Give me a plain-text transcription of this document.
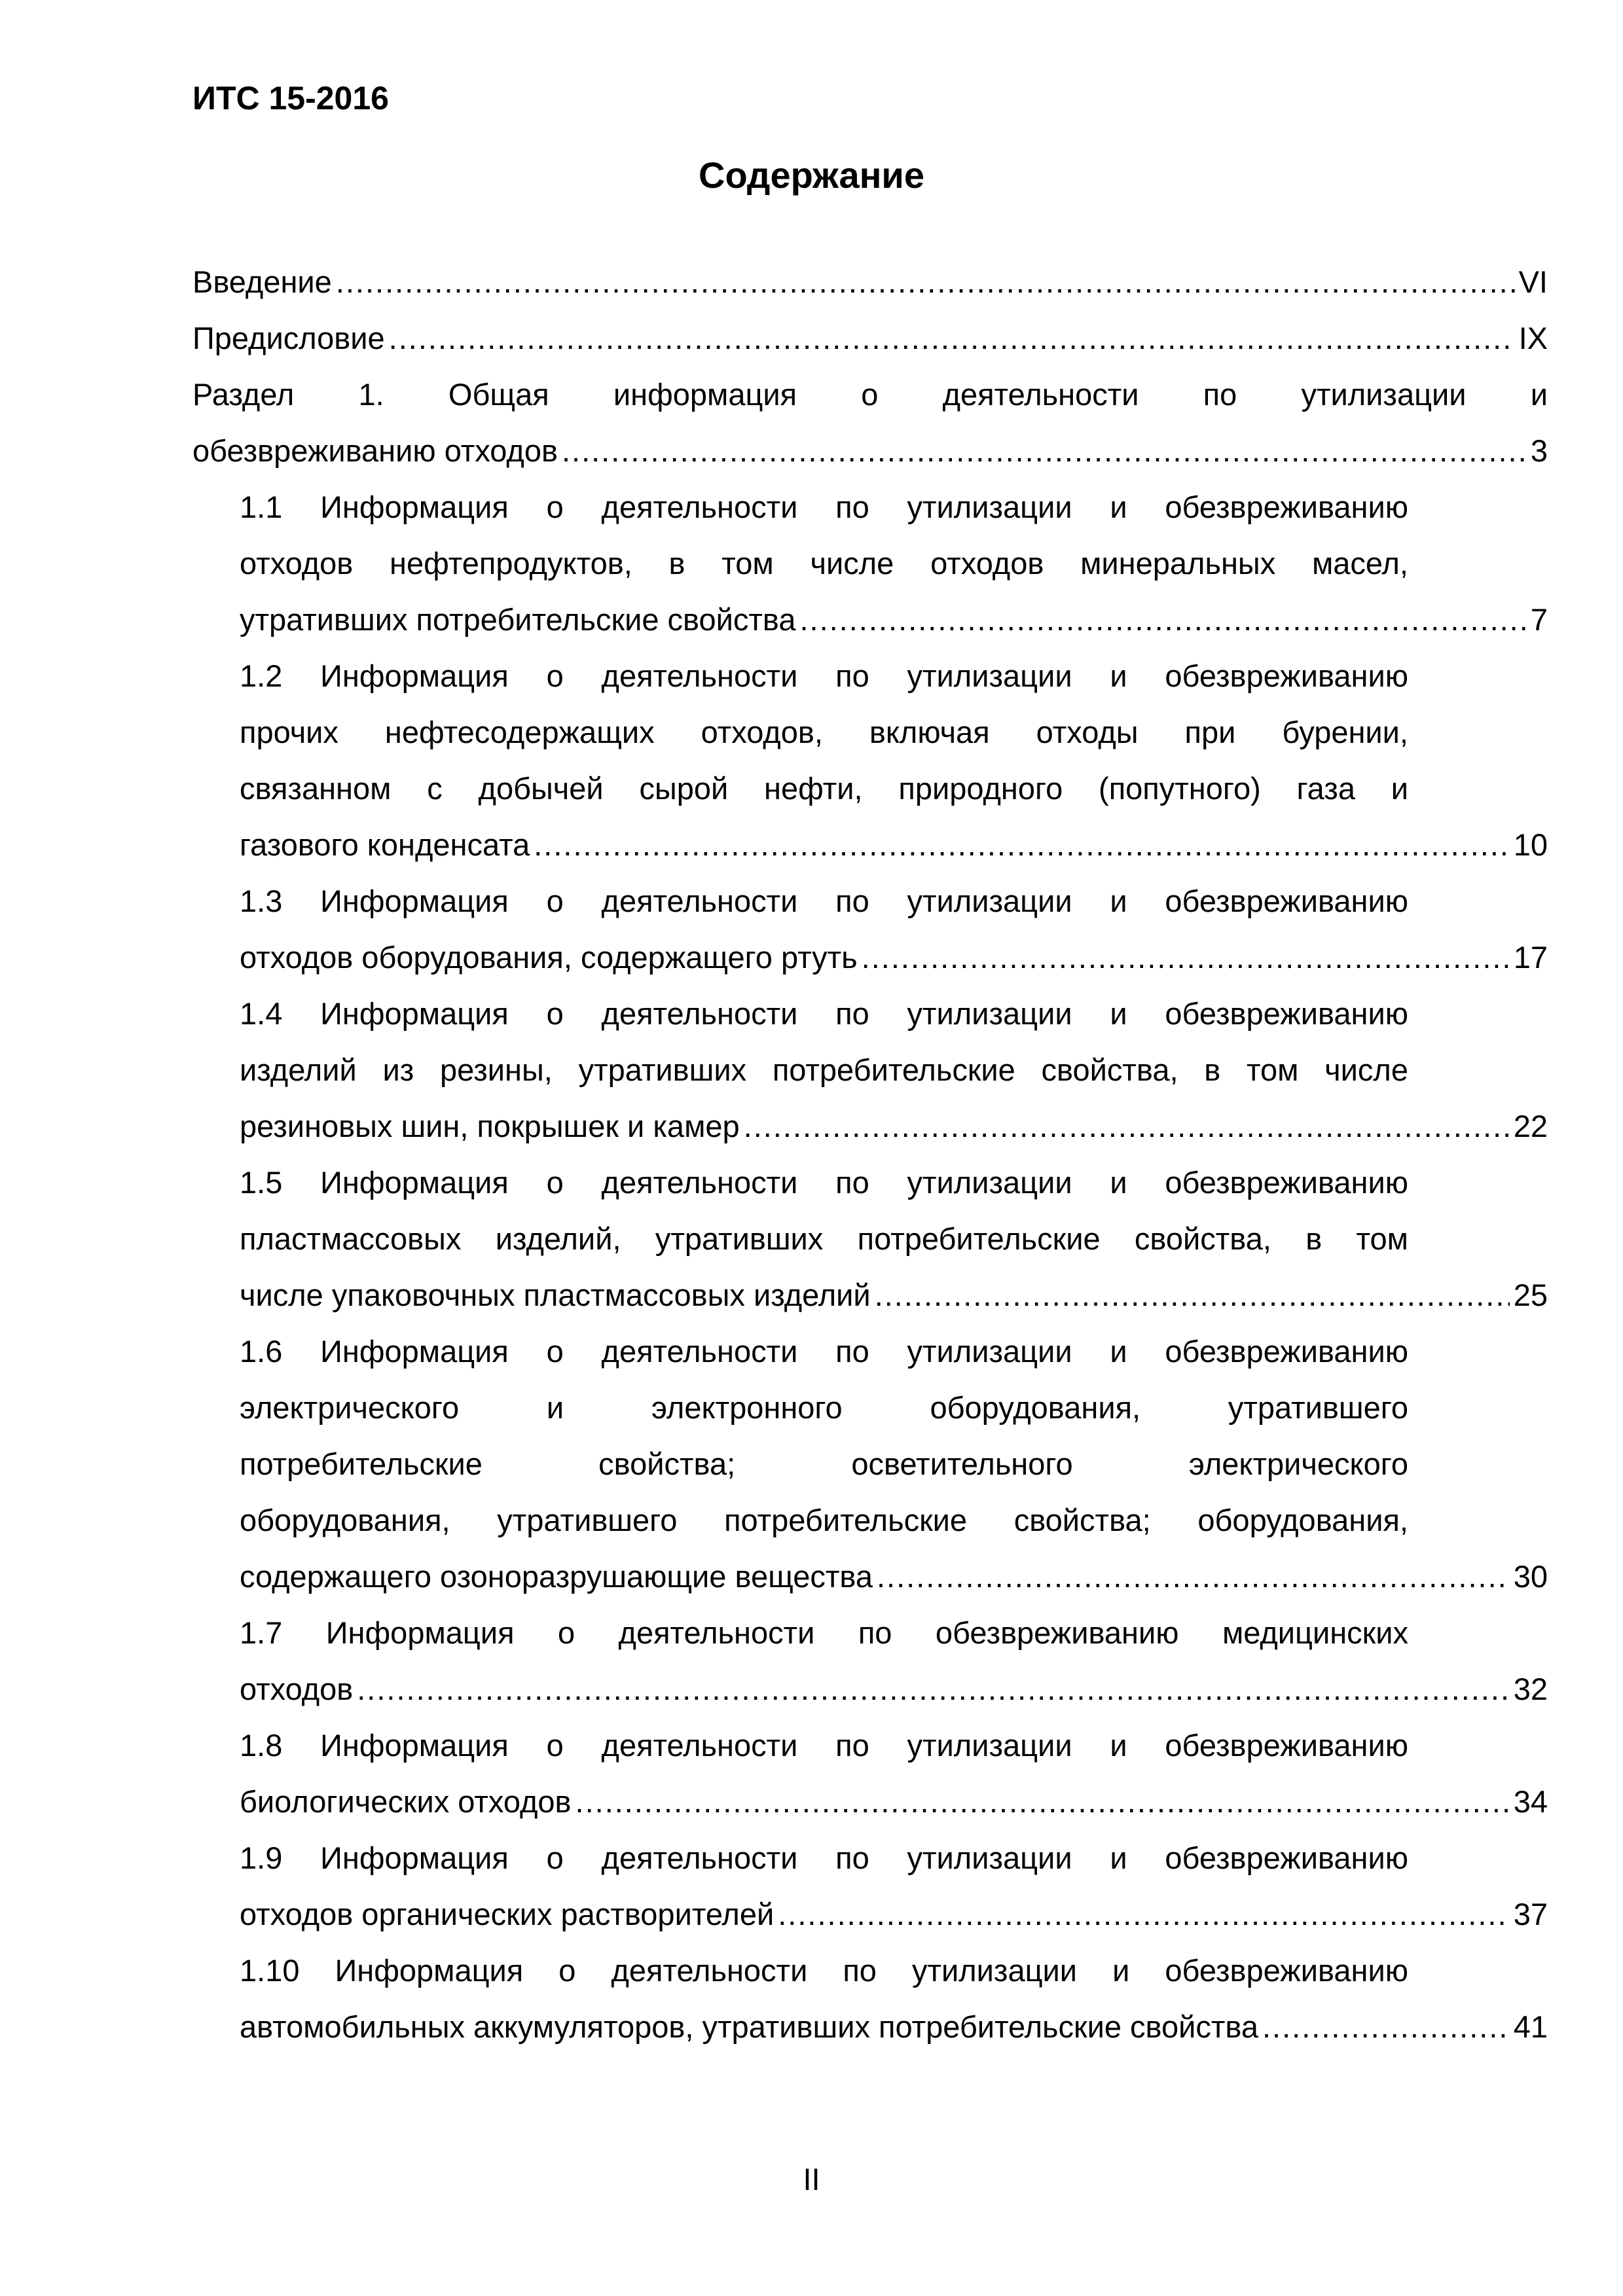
ИТС 15-2016
Содержание
Введение .....	VI
Предисловие .....	IX
Раздел 1. Общая информация о деятельности по утилизации и
обезвреживанию отходов .....	3
1.1 Информация о деятельности по утилизации и обезвреживанию
отходов нефтепродуктов, в том числе отходов минеральных масел,
утративших потребительские свойства .....	7
1.2 Информация о деятельности по утилизации и обезвреживанию
прочих нефтесодержащих отходов, включая отходы при бурении,
связанном с добычей сырой нефти, природного (попутного) газа и
газового конденсата .....	10
1.3 Информация о деятельности по утилизации и обезвреживанию
отходов оборудования, содержащего ртуть .....	17
1.4 Информация о деятельности по утилизации и обезвреживанию
изделий из резины, утративших потребительские свойства, в том числе
резиновых шин, покрышек и камер .....	22
1.5 Информация о деятельности по утилизации и обезвреживанию
пластмассовых изделий, утративших потребительские свойства, в том
числе упаковочных пластмассовых изделий .....	25
1.6 Информация о деятельности по утилизации и обезвреживанию
электрического и электронного оборудования, утратившего
потребительские свойства; осветительного электрического
оборудования, утратившего потребительские свойства; оборудования,
содержащего озоноразрушающие вещества .....	30
1.7 Информация о деятельности по обезвреживанию медицинских
отходов .....	32
1.8 Информация о деятельности по утилизации и обезвреживанию
биологических отходов .....	34
1.9 Информация о деятельности по утилизации и обезвреживанию
отходов органических растворителей .....	37
1.10 Информация о деятельности по утилизации и обезвреживанию
автомобильных аккумуляторов, утративших потребительские свойства .....	41
II
